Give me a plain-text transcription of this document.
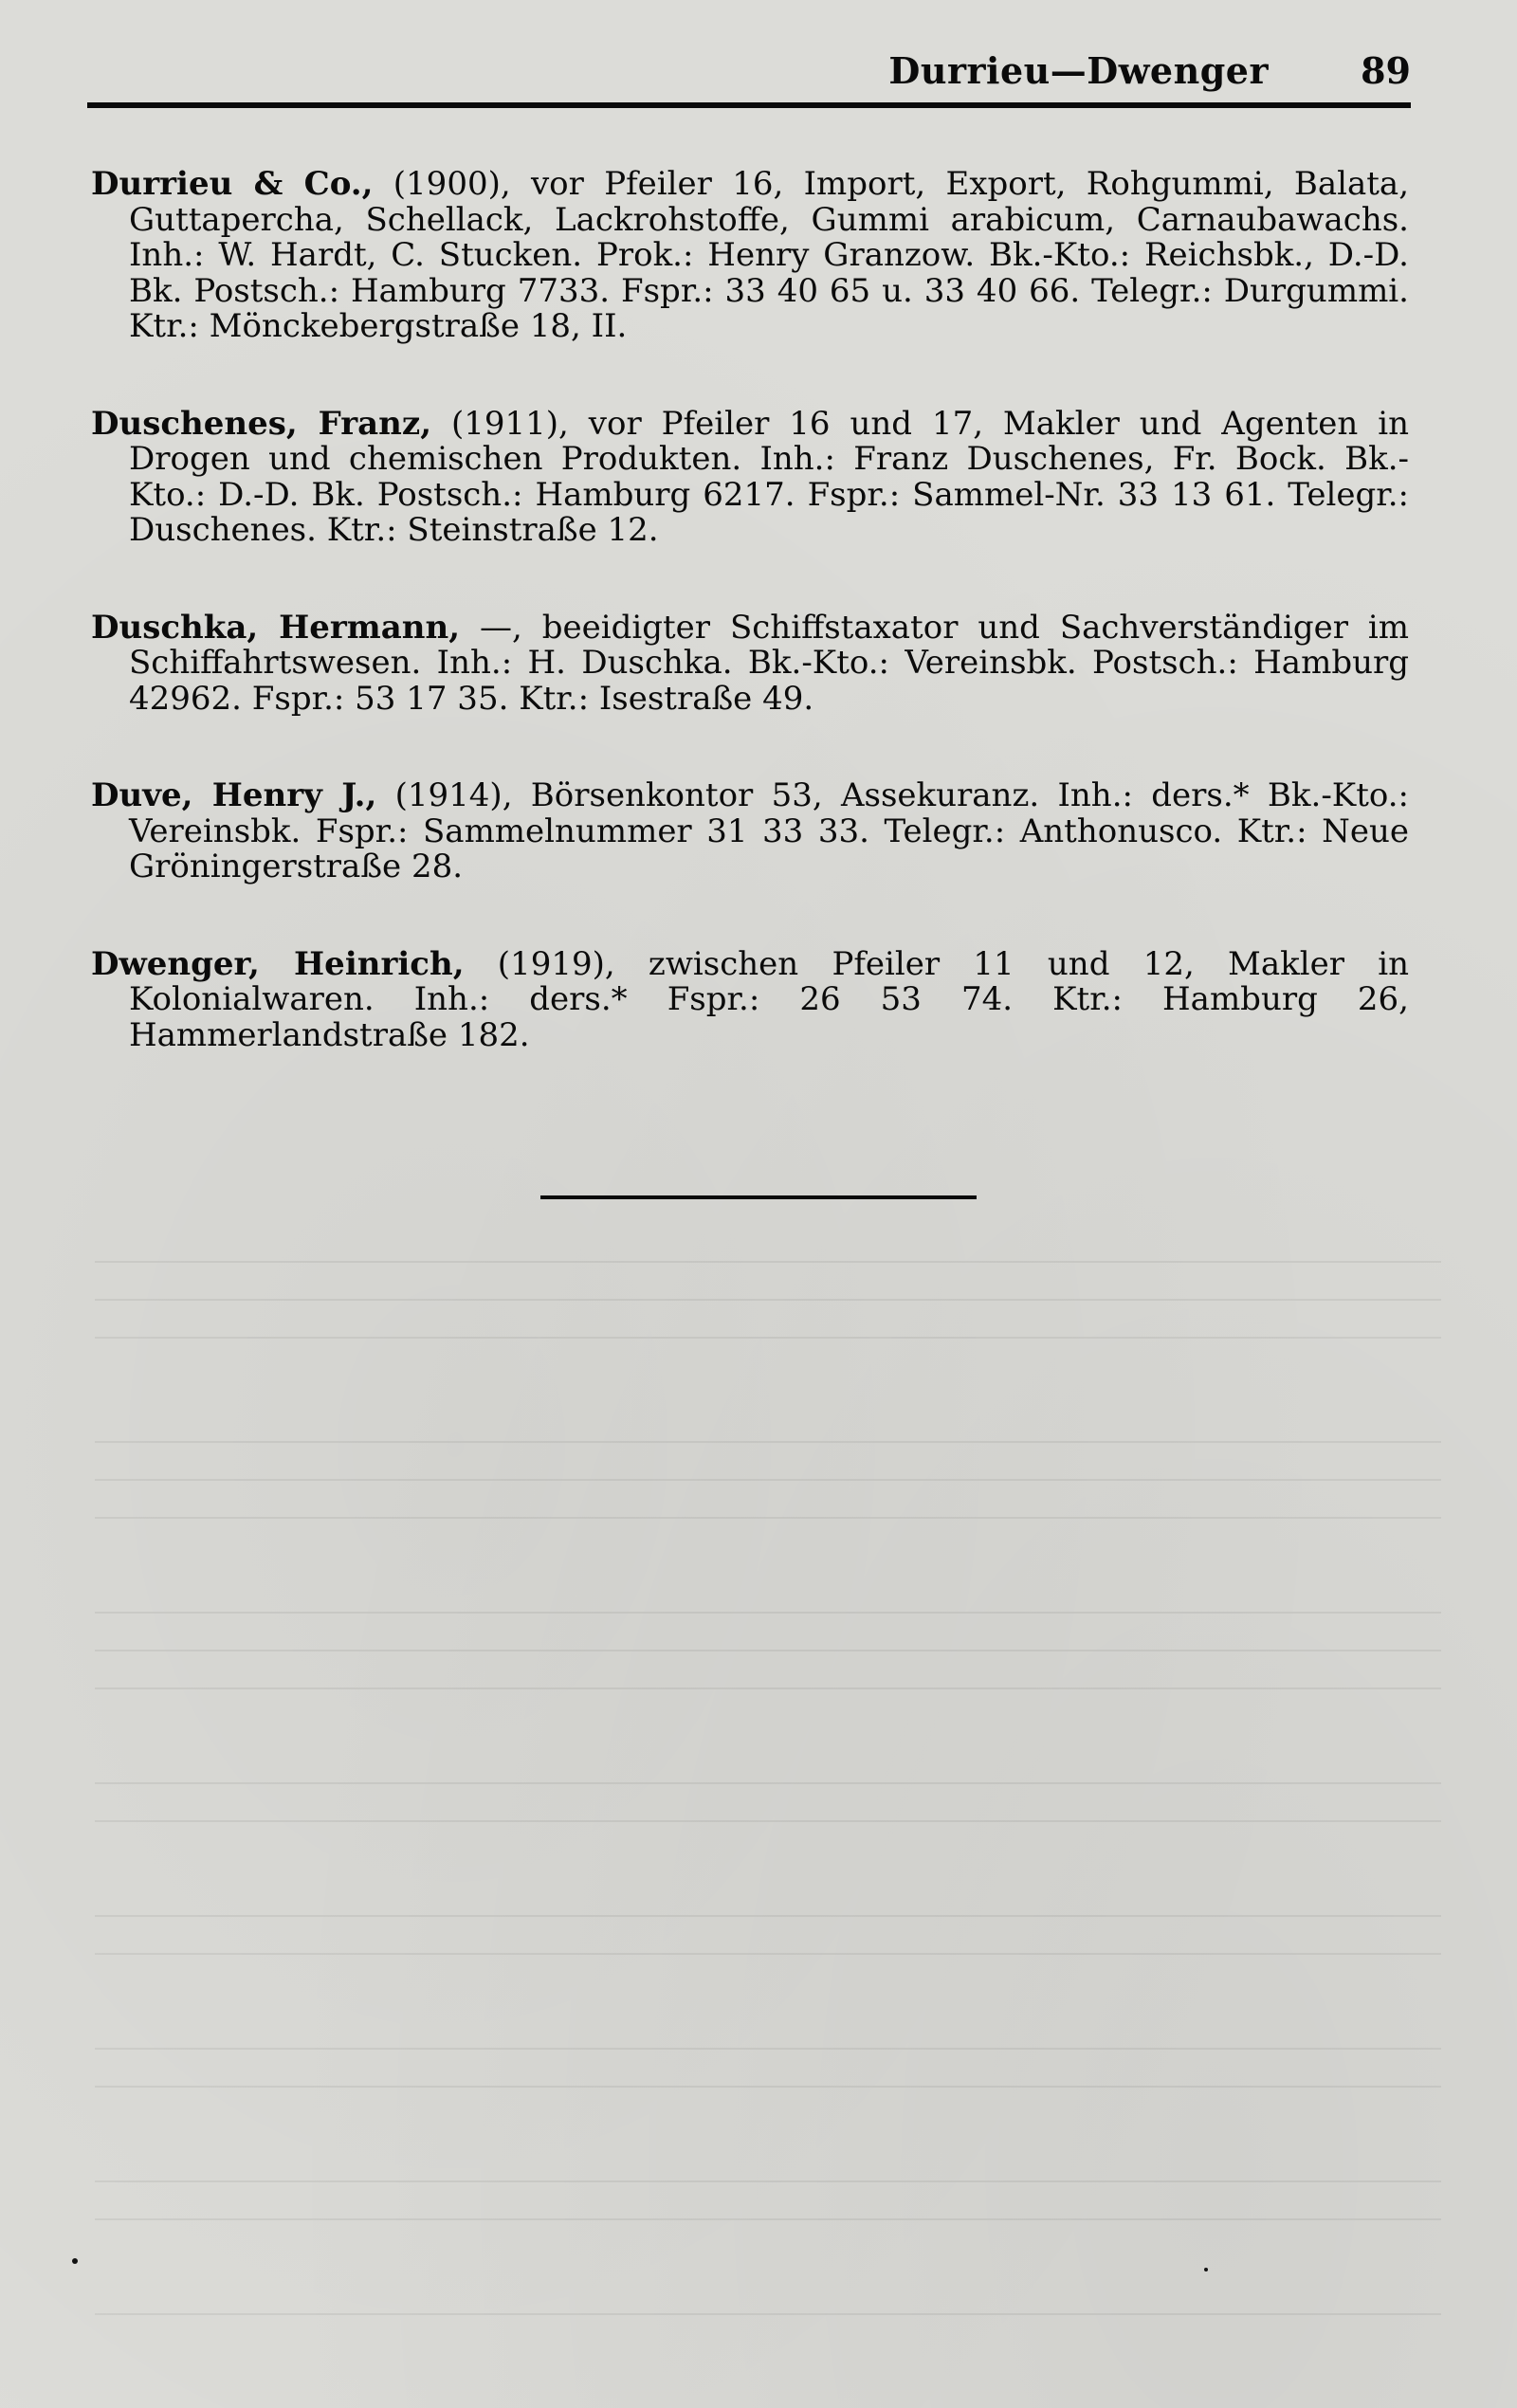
Durrieu—Dwenger	89

Durrieu & Co., (1900), vor Pfeiler 16, Import, Export, Rohgummi, Balata, Guttapercha, Schellack, Lackrohstoffe, Gummi arabicum, Carnaubawachs. Inh.: W. Hardt, C. Stucken. Prok.: Henry Granzow. Bk.-Kto.: Reichsbk., D.-D. Bk. Postsch.: Hamburg 7733. Fspr.: 33 40 65 u. 33 40 66. Telegr.: Durgummi. Ktr.: Mönckebergstraße 18, II.

Duschenes, Franz, (1911), vor Pfeiler 16 und 17, Makler und Agenten in Drogen und chemischen Produkten. Inh.: Franz Duschenes, Fr. Bock. Bk.-Kto.: D.-D. Bk. Postsch.: Hamburg 6217. Fspr.: Sammel-Nr. 33 13 61. Telegr.: Duschenes. Ktr.: Steinstraße 12.

Duschka, Hermann, —, beeidigter Schiffstaxator und Sachverständiger im Schiffahrtswesen. Inh.: H. Duschka. Bk.-Kto.: Vereinsbk. Postsch.: Hamburg 42962. Fspr.: 53 17 35. Ktr.: Isestraße 49.

Duve, Henry J., (1914), Börsenkontor 53, Assekuranz. Inh.: ders.* Bk.-Kto.: Vereinsbk. Fspr.: Sammelnummer 31 33 33. Telegr.: Anthonusco. Ktr.: Neue Gröningerstraße 28.

Dwenger, Heinrich, (1919), zwischen Pfeiler 11 und 12, Makler in Kolonialwaren. Inh.: ders.* Fspr.: 26 53 74. Ktr.: Hamburg 26, Hammerlandstraße 182.
